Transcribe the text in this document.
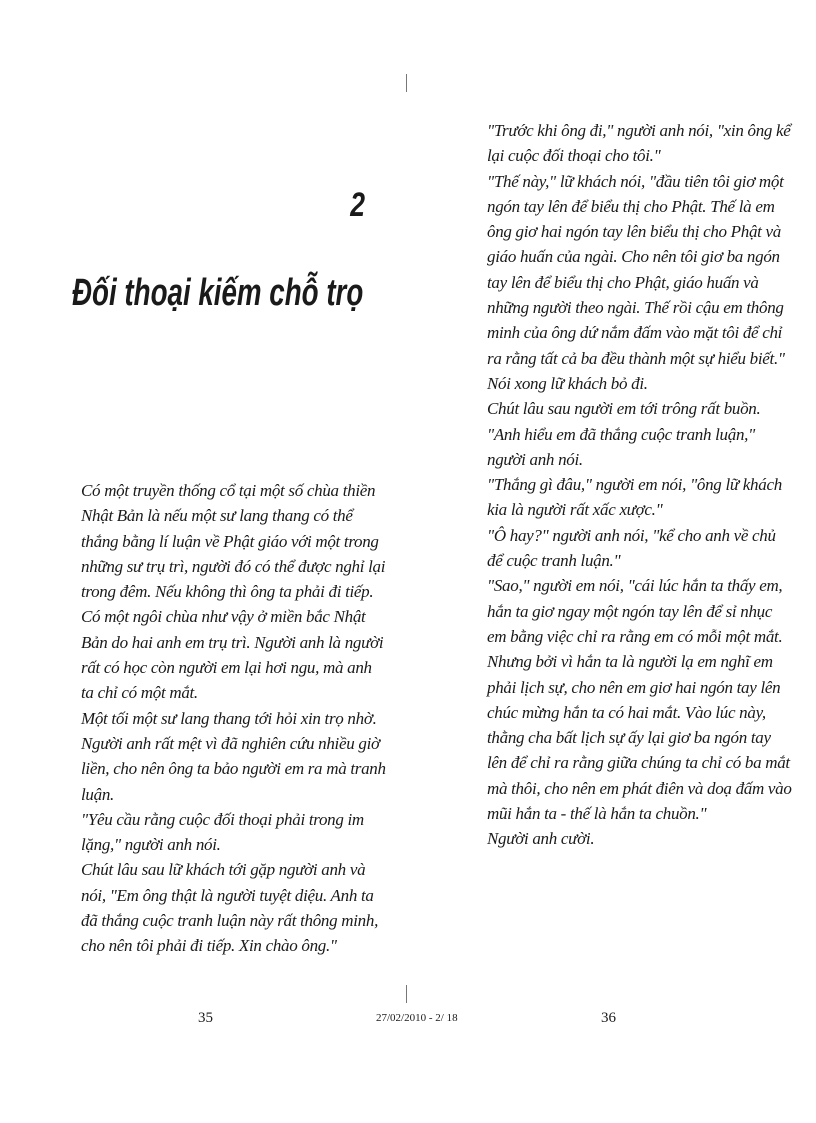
2
Đối thoại kiếm chỗ trọ

Có một truyền thống cổ tại một số chùa thiền
Nhật Bản là nếu một sư lang thang có thể
thắng bằng lí luận về Phật giáo với một trong
những sư trụ trì, người đó có thể được nghỉ lại
trong đêm. Nếu không thì ông ta phải đi tiếp.

Có một ngôi chùa như vậy ở miền bắc Nhật
Bản do hai anh em trụ trì. Người anh là người
rất có học còn người em lại hơi ngu, mà anh
ta chỉ có một mắt.

Một tối một sư lang thang tới hỏi xin trọ nhờ.
Người anh rất mệt vì đã nghiên cứu nhiều giờ
liền, cho nên ông ta bảo người em ra mà tranh
luận.

"Yêu cầu rằng cuộc đối thoại phải trong im
lặng," người anh nói.

Chút lâu sau lữ khách tới gặp người anh và
nói, "Em ông thật là người tuyệt diệu. Anh ta
đã thắng cuộc tranh luận này rất thông minh,
cho nên tôi phải đi tiếp. Xin chào ông."

"Trước khi ông đi," người anh nói, "xin ông kể
lại cuộc đối thoại cho tôi."

"Thế này," lữ khách nói, "đầu tiên tôi giơ một
ngón tay lên để biểu thị cho Phật. Thế là em
ông giơ hai ngón tay lên biểu thị cho Phật và
giáo huấn của ngài. Cho nên tôi giơ ba ngón
tay lên để biểu thị cho Phật, giáo huấn và
những người theo ngài. Thế rồi cậu em thông
minh của ông dứ nắm đấm vào mặt tôi để chỉ
ra rằng tất cả ba đều thành một sự hiểu biết."

Nói xong lữ khách bỏ đi.

Chút lâu sau người em tới trông rất buồn.

"Anh hiểu em đã thắng cuộc tranh luận,"
người anh nói.

"Thắng gì đâu," người em nói, "ông lữ khách
kia là người rất xấc xược."

"Ô hay?" người anh nói, "kể cho anh về chủ
để cuộc tranh luận."

"Sao," người em nói, "cái lúc hắn ta thấy em,
hắn ta giơ ngay một ngón tay lên để sỉ nhục
em bằng việc chỉ ra rằng em có mỗi một mắt.
Nhưng bởi vì hắn ta là người lạ em nghĩ em
phải lịch sự, cho nên em giơ hai ngón tay lên
chúc mừng hắn ta có hai mắt. Vào lúc này,
thằng cha bất lịch sự ấy lại giơ ba ngón tay
lên để chỉ ra rằng giữa chúng ta chỉ có ba mắt
mà thôi, cho nên em phát điên và doạ đấm vào
mũi hắn ta - thế là hắn ta chuồn."

Người anh cười.

35	27/02/2010 - 2/ 18	36
